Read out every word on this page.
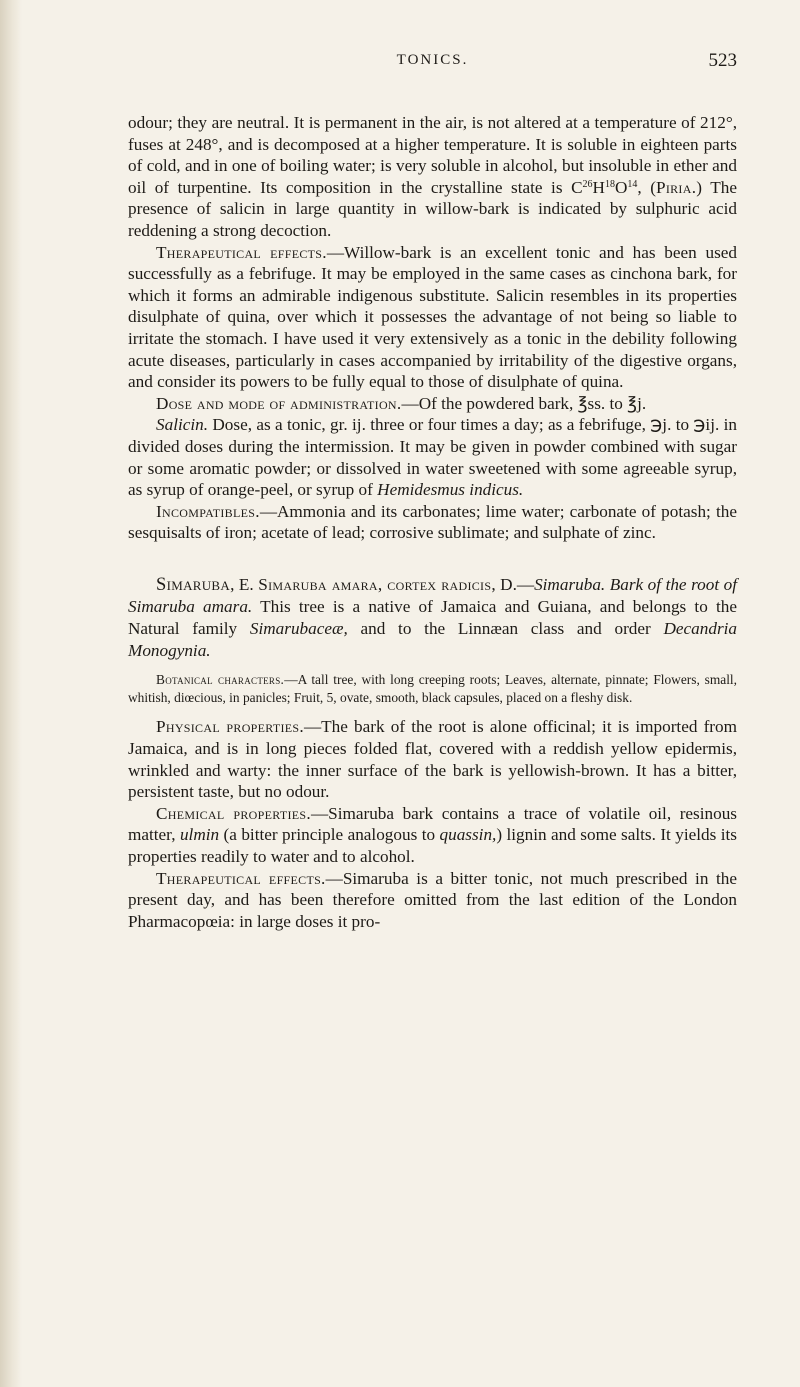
TONICS.	523

odour; they are neutral. It is permanent in the air, is not altered at a temperature of 212°, fuses at 248°, and is decomposed at a higher temperature. It is soluble in eighteen parts of cold, and in one of boiling water; is very soluble in alcohol, but insoluble in ether and oil of turpentine. Its composition in the crystalline state is $C^{26}H^{18}O^{14}$, (Piria.) The presence of salicin in large quantity in willow-bark is indicated by sulphuric acid reddening a strong decoction.

Therapeutical effects.—Willow-bark is an excellent tonic and has been used successfully as a febrifuge. It may be employed in the same cases as cinchona bark, for which it forms an admirable indigenous substitute. Salicin resembles in its properties disulphate of quina, over which it possesses the advantage of not being so liable to irritate the stomach. I have used it very extensively as a tonic in the debility following acute diseases, particularly in cases accompanied by irritability of the digestive organs, and consider its powers to be fully equal to those of disulphate of quina.

Dose and mode of administration.—Of the powdered bark, ℥ss. to ℥j.

Salicin. Dose, as a tonic, gr. ij. three or four times a day; as a febrifuge, ℈j. to ℈ij. in divided doses during the intermission. It may be given in powder combined with sugar or some aromatic powder; or dissolved in water sweetened with some agreeable syrup, as syrup of orange-peel, or syrup of Hemidesmus indicus.

Incompatibles.—Ammonia and its carbonates; lime water; carbonate of potash; the sesquisalts of iron; acetate of lead; corrosive sublimate; and sulphate of zinc.

Simaruba, E. Simaruba amara, cortex radicis, D.—Simaruba. Bark of the root of Simaruba amara. This tree is a native of Jamaica and Guiana, and belongs to the Natural family Simarubaceæ, and to the Linnæan class and order Decandria Monogynia.

Botanical characters.—A tall tree, with long creeping roots; Leaves, alternate, pinnate; Flowers, small, whitish, diœcious, in panicles; Fruit, 5, ovate, smooth, black capsules, placed on a fleshy disk.

Physical properties.—The bark of the root is alone officinal; it is imported from Jamaica, and is in long pieces folded flat, covered with a reddish yellow epidermis, wrinkled and warty: the inner surface of the bark is yellowish-brown. It has a bitter, persistent taste, but no odour.

Chemical properties.—Simaruba bark contains a trace of volatile oil, resinous matter, ulmin (a bitter principle analogous to quassin,) lignin and some salts. It yields its properties readily to water and to alcohol.

Therapeutical effects.—Simaruba is a bitter tonic, not much prescribed in the present day, and has been therefore omitted from the last edition of the London Pharmacopœia: in large doses it pro-
